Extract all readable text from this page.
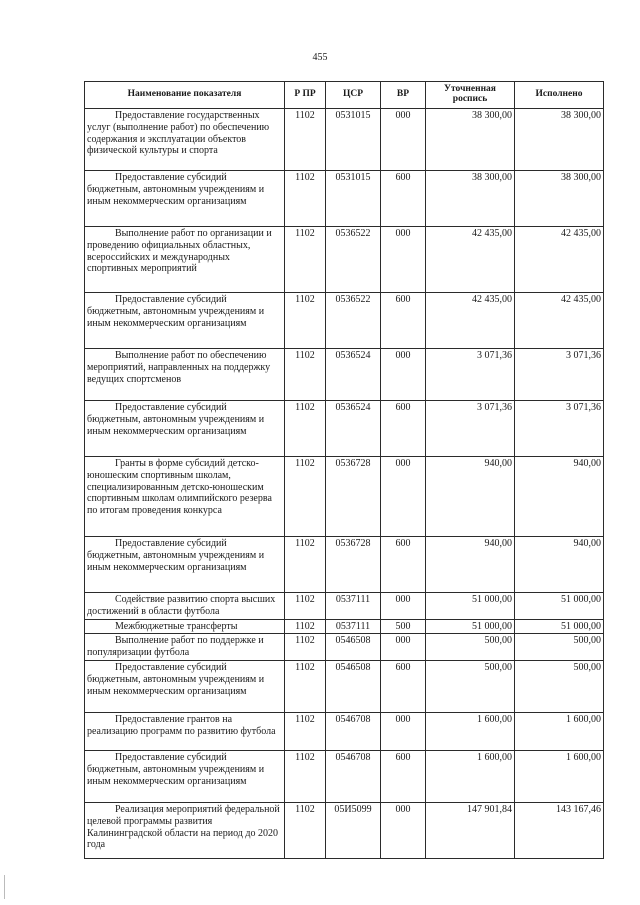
455
Наименование показателя	Р ПР	ЦСР	ВР	Уточненная роспись	Исполнено
Предоставление государственных услуг (выполнение работ) по обеспечению содержания и эксплуатации объектов физической культуры и спорта	1102	0531015	000	38 300,00	38 300,00
Предоставление субсидий бюджетным, автономным учреждениям и иным некоммерческим организациям	1102	0531015	600	38 300,00	38 300,00
Выполнение работ по организации и проведению официальных областных, всероссийских и международных спортивных мероприятий	1102	0536522	000	42 435,00	42 435,00
Предоставление субсидий бюджетным, автономным учреждениям и иным некоммерческим организациям	1102	0536522	600	42 435,00	42 435,00
Выполнение работ по обеспечению мероприятий, направленных на поддержку ведущих спортсменов	1102	0536524	000	3 071,36	3 071,36
Предоставление субсидий бюджетным, автономным учреждениям и иным некоммерческим организациям	1102	0536524	600	3 071,36	3 071,36
Гранты в форме субсидий детско-юношеским спортивным школам, специализированным детско-юношеским спортивным школам олимпийского резерва по итогам проведения конкурса	1102	0536728	000	940,00	940,00
Предоставление субсидий бюджетным, автономным учреждениям и иным некоммерческим организациям	1102	0536728	600	940,00	940,00
Содействие развитию спорта высших достижений в области футбола	1102	0537111	000	51 000,00	51 000,00
Межбюджетные трансферты	1102	0537111	500	51 000,00	51 000,00
Выполнение работ по поддержке и популяризации футбола	1102	0546508	000	500,00	500,00
Предоставление субсидий бюджетным, автономным учреждениям и иным некоммерческим организациям	1102	0546508	600	500,00	500,00
Предоставление грантов на реализацию программ по развитию футбола	1102	0546708	000	1 600,00	1 600,00
Предоставление субсидий бюджетным, автономным учреждениям и иным некоммерческим организациям	1102	0546708	600	1 600,00	1 600,00
Реализация мероприятий федеральной целевой программы развития Калининградской области на период до 2020 года	1102	05И5099	000	147 901,84	143 167,46
